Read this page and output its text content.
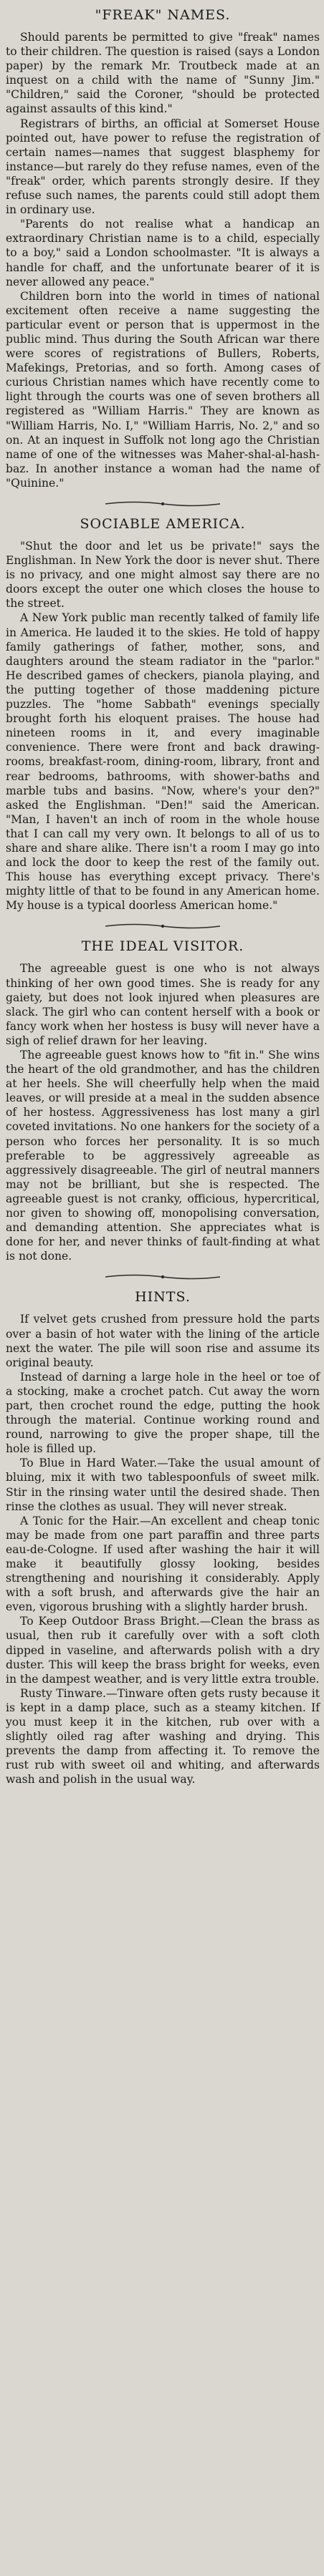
"FREAK" NAMES.

Should parents be permitted to give "freak" names to their children. The question is raised (says a London paper) by the remark Mr. Troutbeck made at an inquest on a child with the name of "Sunny Jim." "Children," said the Coroner, "should be protected against assaults of this kind."

Registrars of births, an official at Somerset House pointed out, have power to refuse the registration of certain names—names that suggest blasphemy for instance—but rarely do they refuse names, even of the "freak" order, which parents strongly desire. If they refuse such names, the parents could still adopt them in ordinary use.

"Parents do not realise what a handicap an extraordinary Christian name is to a child, especially to a boy," said a London schoolmaster. "It is always a handle for chaff, and the unfortunate bearer of it is never allowed any peace."

Children born into the world in times of national excitement often receive a name suggesting the particular event or person that is uppermost in the public mind. Thus during the South African war there were scores of registrations of Bullers, Roberts, Mafekings, Pretorias, and so forth. Among cases of curious Christian names which have recently come to light through the courts was one of seven brothers all registered as "William Harris." They are known as "William Harris, No. I," "William Harris, No. 2," and so on. At an inquest in Suffolk not long ago the Christian name of one of the witnesses was Maher-shal-al-hash-baz. In another instance a woman had the name of "Quinine."

SOCIABLE AMERICA.

"Shut the door and let us be private!" says the Englishman. In New York the door is never shut. There is no privacy, and one might almost say there are no doors except the outer one which closes the house to the street.

A New York public man recently talked of family life in America. He lauded it to the skies. He told of happy family gatherings of father, mother, sons, and daughters around the steam radiator in the "parlor." He described games of checkers, pianola playing, and the putting together of those maddening picture puzzles. The "home Sabbath" evenings specially brought forth his eloquent praises. The house had nineteen rooms in it, and every imaginable convenience. There were front and back drawing-rooms, breakfast-room, dining-room, library, front and rear bedrooms, bathrooms, with shower-baths and marble tubs and basins. "Now, where's your den?" asked the Englishman. "Den!" said the American. "Man, I haven't an inch of room in the whole house that I can call my very own. It belongs to all of us to share and share alike. There isn't a room I may go into and lock the door to keep the rest of the family out. This house has everything except privacy. There's mighty little of that to be found in any American home. My house is a typical doorless American home."

THE IDEAL VISITOR.

The agreeable guest is one who is not always thinking of her own good times. She is ready for any gaiety, but does not look injured when pleasures are slack. The girl who can content herself with a book or fancy work when her hostess is busy will never have a sigh of relief drawn for her leaving.

The agreeable guest knows how to "fit in." She wins the heart of the old grandmother, and has the children at her heels. She will cheerfully help when the maid leaves, or will preside at a meal in the sudden absence of her hostess. Aggressiveness has lost many a girl coveted invitations. No one hankers for the society of a person who forces her personality. It is so much preferable to be aggressively agreeable as aggressively disagreeable. The girl of neutral manners may not be brilliant, but she is respected. The agreeable guest is not cranky, officious, hypercritical, nor given to showing off, monopolising conversation, and demanding attention. She appreciates what is done for her, and never thinks of fault-finding at what is not done.

HINTS.

If velvet gets crushed from pressure hold the parts over a basin of hot water with the lining of the article next the water. The pile will soon rise and assume its original beauty.

Instead of darning a large hole in the heel or toe of a stocking, make a crochet patch. Cut away the worn part, then crochet round the edge, putting the hook through the material. Continue working round and round, narrowing to give the proper shape, till the hole is filled up.

To Blue in Hard Water.—Take the usual amount of bluing, mix it with two tablespoonfuls of sweet milk. Stir in the rinsing water until the desired shade. Then rinse the clothes as usual. They will never streak.

A Tonic for the Hair.—An excellent and cheap tonic may be made from one part paraffin and three parts eau-de-Cologne. If used after washing the hair it will make it beautifully glossy looking, besides strengthening and nourishing it considerably. Apply with a soft brush, and afterwards give the hair an even, vigorous brushing with a slightly harder brush.

To Keep Outdoor Brass Bright.—Clean the brass as usual, then rub it carefully over with a soft cloth dipped in vaseline, and afterwards polish with a dry duster. This will keep the brass bright for weeks, even in the dampest weather, and is very little extra trouble.

Rusty Tinware.—Tinware often gets rusty because it is kept in a damp place, such as a steamy kitchen. If you must keep it in the kitchen, rub over with a slightly oiled rag after washing and drying. This prevents the damp from affecting it. To remove the rust rub with sweet oil and whiting, and afterwards wash and polish in the usual way.
